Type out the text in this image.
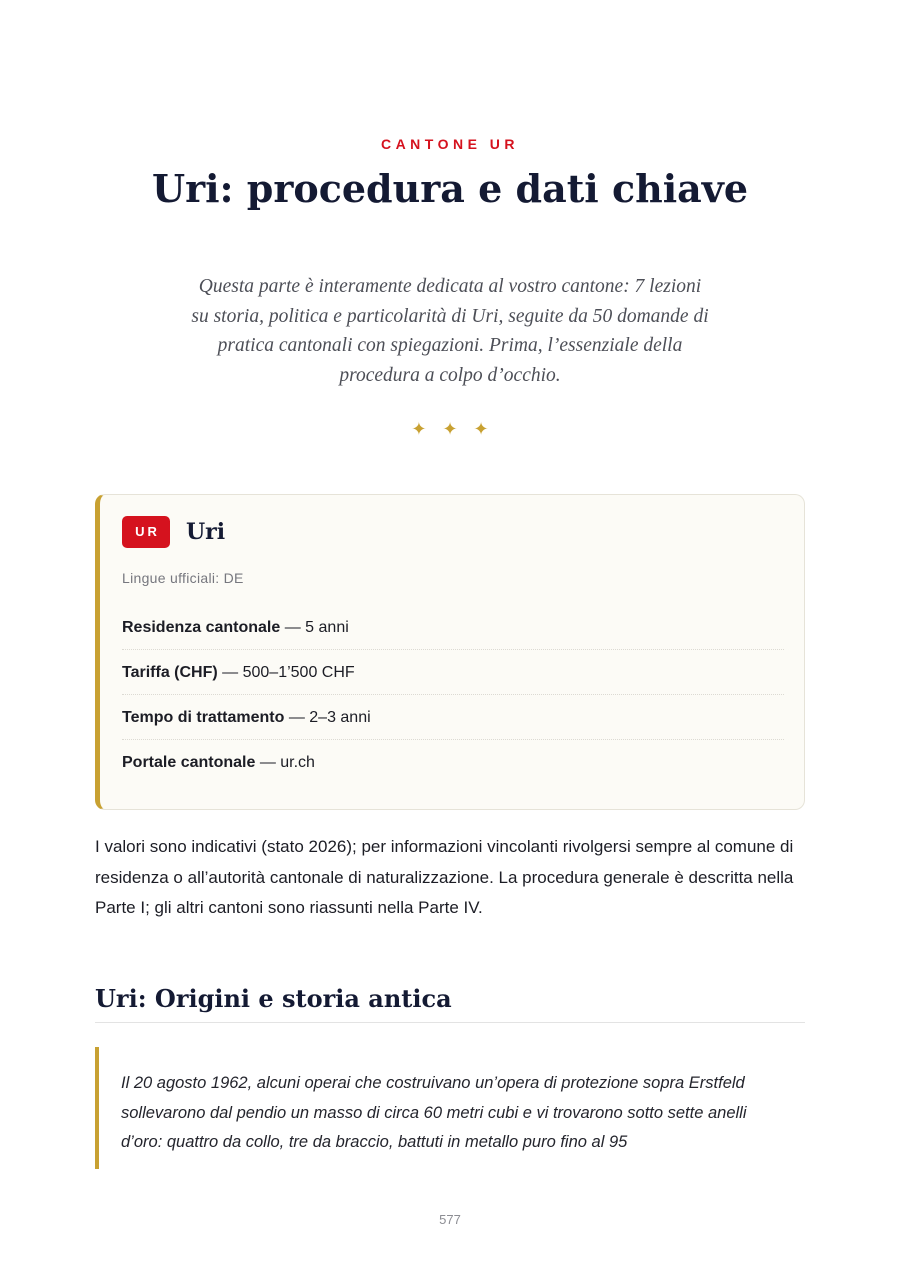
CANTONE UR
Uri: procedura e dati chiave

Questa parte è interamente dedicata al vostro cantone: 7 lezioni su storia, politica e particolarità di Uri, seguite da 50 domande di pratica cantonali con spiegazioni. Prima, l’essenziale della procedura a colpo d’occhio.

✦✦✦
UR	Uri
Lingue ufficiali: DE
Residenza cantonale — 5 anni
Tariffa (CHF) — 500–1’500 CHF
Tempo di trattamento — 2–3 anni
Portale cantonale — ur.ch

I valori sono indicativi (stato 2026); per informazioni vincolanti rivolgersi sempre al comune di residenza o all’autorità cantonale di naturalizzazione. La procedura generale è descritta nella Parte I; gli altri cantoni sono riassunti nella Parte IV.

Uri: Origini e storia antica

Il 20 agosto 1962, alcuni operai che costruivano un’opera di protezione sopra Erstfeld sollevarono dal pendio un masso di circa 60 metri cubi e vi trovarono sotto sette anelli d’oro: quattro da collo, tre da braccio, battuti in metallo puro fino al 95

577
